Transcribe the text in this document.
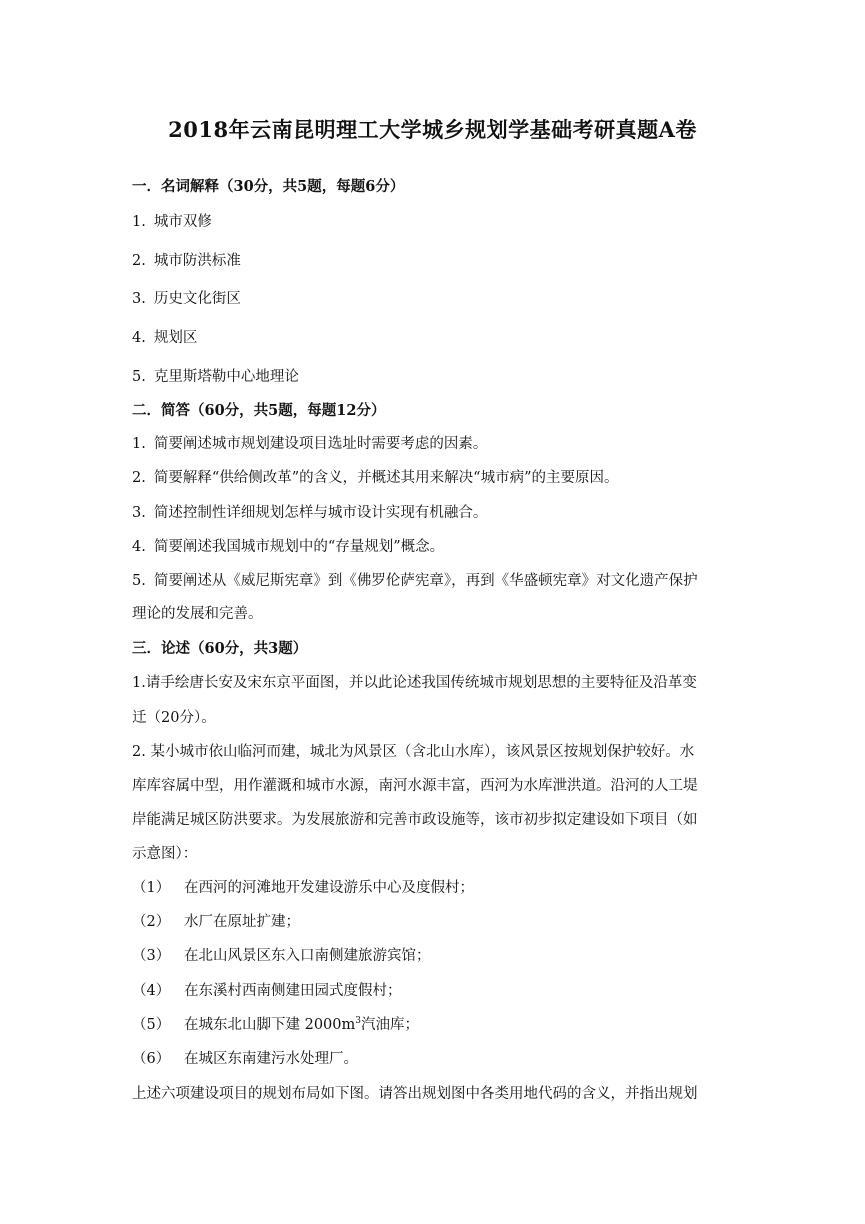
2018年云南昆明理工大学城乡规划学基础考研真题A卷
一．名词解释（30分，共5题，每题6分）
1. 城市双修
2. 城市防洪标准
3. 历史文化街区
4. 规划区
5. 克里斯塔勒中心地理论
二．简答（60分，共5题，每题12分）
1. 简要阐述城市规划建设项目选址时需要考虑的因素。
2. 简要解释“供给侧改革”的含义，并概述其用来解决“城市病”的主要原因。
3. 简述控制性详细规划怎样与城市设计实现有机融合。
4. 简要阐述我国城市规划中的“存量规划”概念。
5. 简要阐述从《威尼斯宪章》到《佛罗伦萨宪章》，再到《华盛顿宪章》对文化遗产保护
理论的发展和完善。
三．论述（60分，共3题）
1.请手绘唐长安及宋东京平面图，并以此论述我国传统城市规划思想的主要特征及沿革变
迁（20分）。
2. 某小城市依山临河而建，城北为风景区（含北山水库），该风景区按规划保护较好。水
库库容属中型，用作灌溉和城市水源，南河水源丰富，西河为水库泄洪道。沿河的人工堤
岸能满足城区防洪要求。为发展旅游和完善市政设施等，该市初步拟定建设如下项目（如
示意图）：
（1） 在西河的河滩地开发建设游乐中心及度假村；
（2） 水厂在原址扩建；
（3） 在北山风景区东入口南侧建旅游宾馆；
（4） 在东溪村西南侧建田园式度假村；
（5） 在城东北山脚下建 $2000m^3$汽油库；
（6） 在城区东南建污水处理厂。
上述六项建设项目的规划布局如下图。请答出规划图中各类用地代码的含义，并指出规划
